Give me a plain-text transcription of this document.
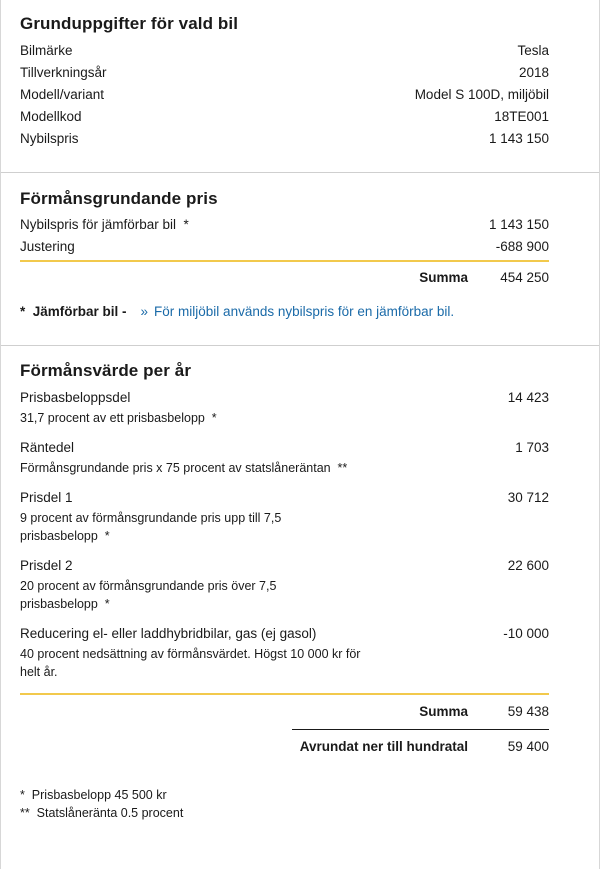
Grunduppgifter för vald bil
Bilmärke	Tesla
Tillverkningsår	2018
Modell/variant	Model S 100D, miljöbil
Modellkod	18TE001
Nybilspris	1 143 150
Förmånsgrundande pris
Nybilspris för jämförbar bil  *	1 143 150
Justering	-688 900
Summa	454 250
*  Jämförbar bil - » För miljöbil används nybilspris för en jämförbar bil.
Förmånsvärde per år
Prisbasbeloppsdel	14 423
31,7 procent av ett prisbasbelopp  *
Räntedel	1 703
Förmånsgrundande pris x 75 procent av statslåneräntan  **
Prisdel 1	30 712
9 procent av förmånsgrundande pris upp till 7,5 prisbasbelopp  *
Prisdel 2	22 600
20 procent av förmånsgrundande pris över 7,5 prisbasbelopp  *
Reducering el- eller laddhybridbilar, gas (ej gasol)	-10 000
40 procent nedsättning av förmånsvärdet. Högst 10 000 kr för helt år.
Summa	59 438
Avrundat ner till hundratal	59 400
*  Prisbasbelopp 45 500 kr
**  Statslåneränta 0.5 procent
